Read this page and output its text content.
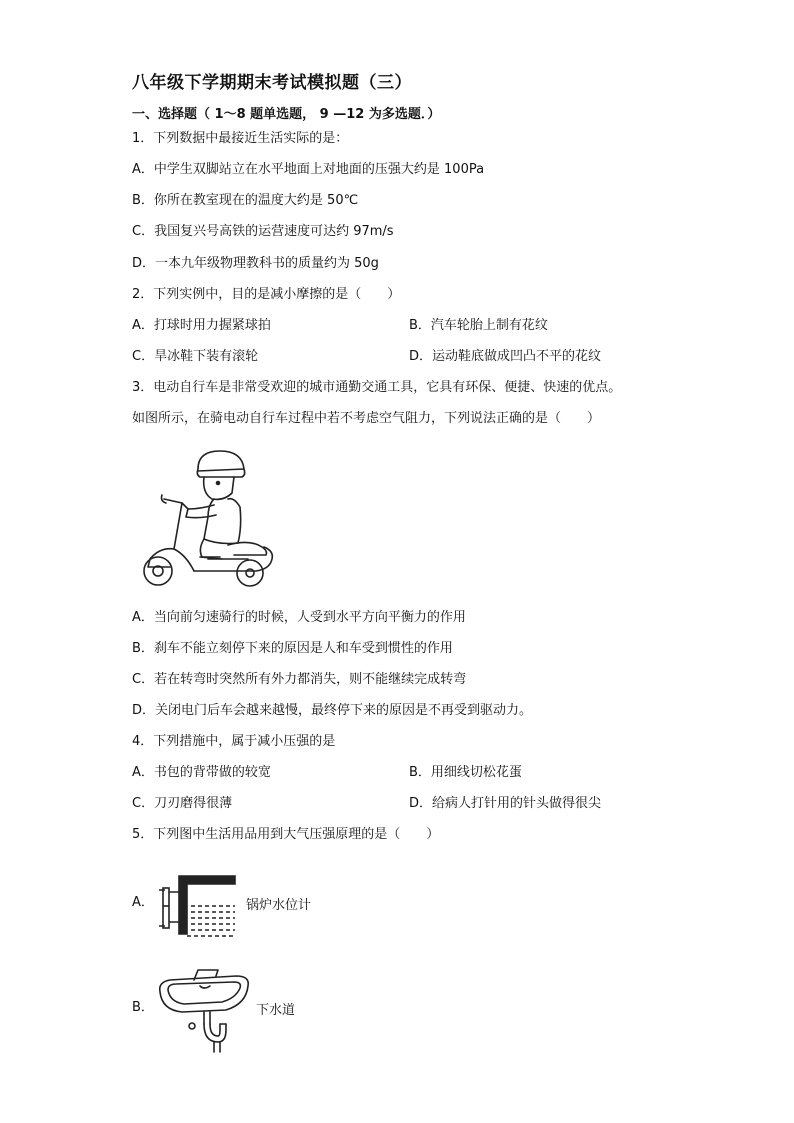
八年级下学期期末考试模拟题（三）
一、选择题（ 1～8 题单选题， 9 —12 为多选题．）
1．下列数据中最接近生活实际的是：
A．中学生双脚站立在水平地面上对地面的压强大约是 100Pa
B．你所在教室现在的温度大约是 50℃
C．我国复兴号高铁的运营速度可达约 97m/s
D．一本九年级物理教科书的质量约为 50g
2．下列实例中，目的是减小摩擦的是（　　）
A．打球时用力握紧球拍	B．汽车轮胎上制有花纹
C．旱冰鞋下装有滚轮	D．运动鞋底做成凹凸不平的花纹
3．电动自行车是非常受欢迎的城市通勤交通工具，它具有环保、便捷、快速的优点。
如图所示，在骑电动自行车过程中若不考虑空气阻力，下列说法正确的是（　　）
A．当向前匀速骑行的时候，人受到水平方向平衡力的作用
B．刹车不能立刻停下来的原因是人和车受到惯性的作用
C．若在转弯时突然所有外力都消失，则不能继续完成转弯
D．关闭电门后车会越来越慢，最终停下来的原因是不再受到驱动力。
4．下列措施中，属于减小压强的是
A．书包的背带做的较宽	B．用细线切松花蛋
C．刀刃磨得很薄	D．给病人打针用的针头做得很尖
5．下列图中生活用品用到大气压强原理的是（　　）
A．	锅炉水位计
B．	下水道
